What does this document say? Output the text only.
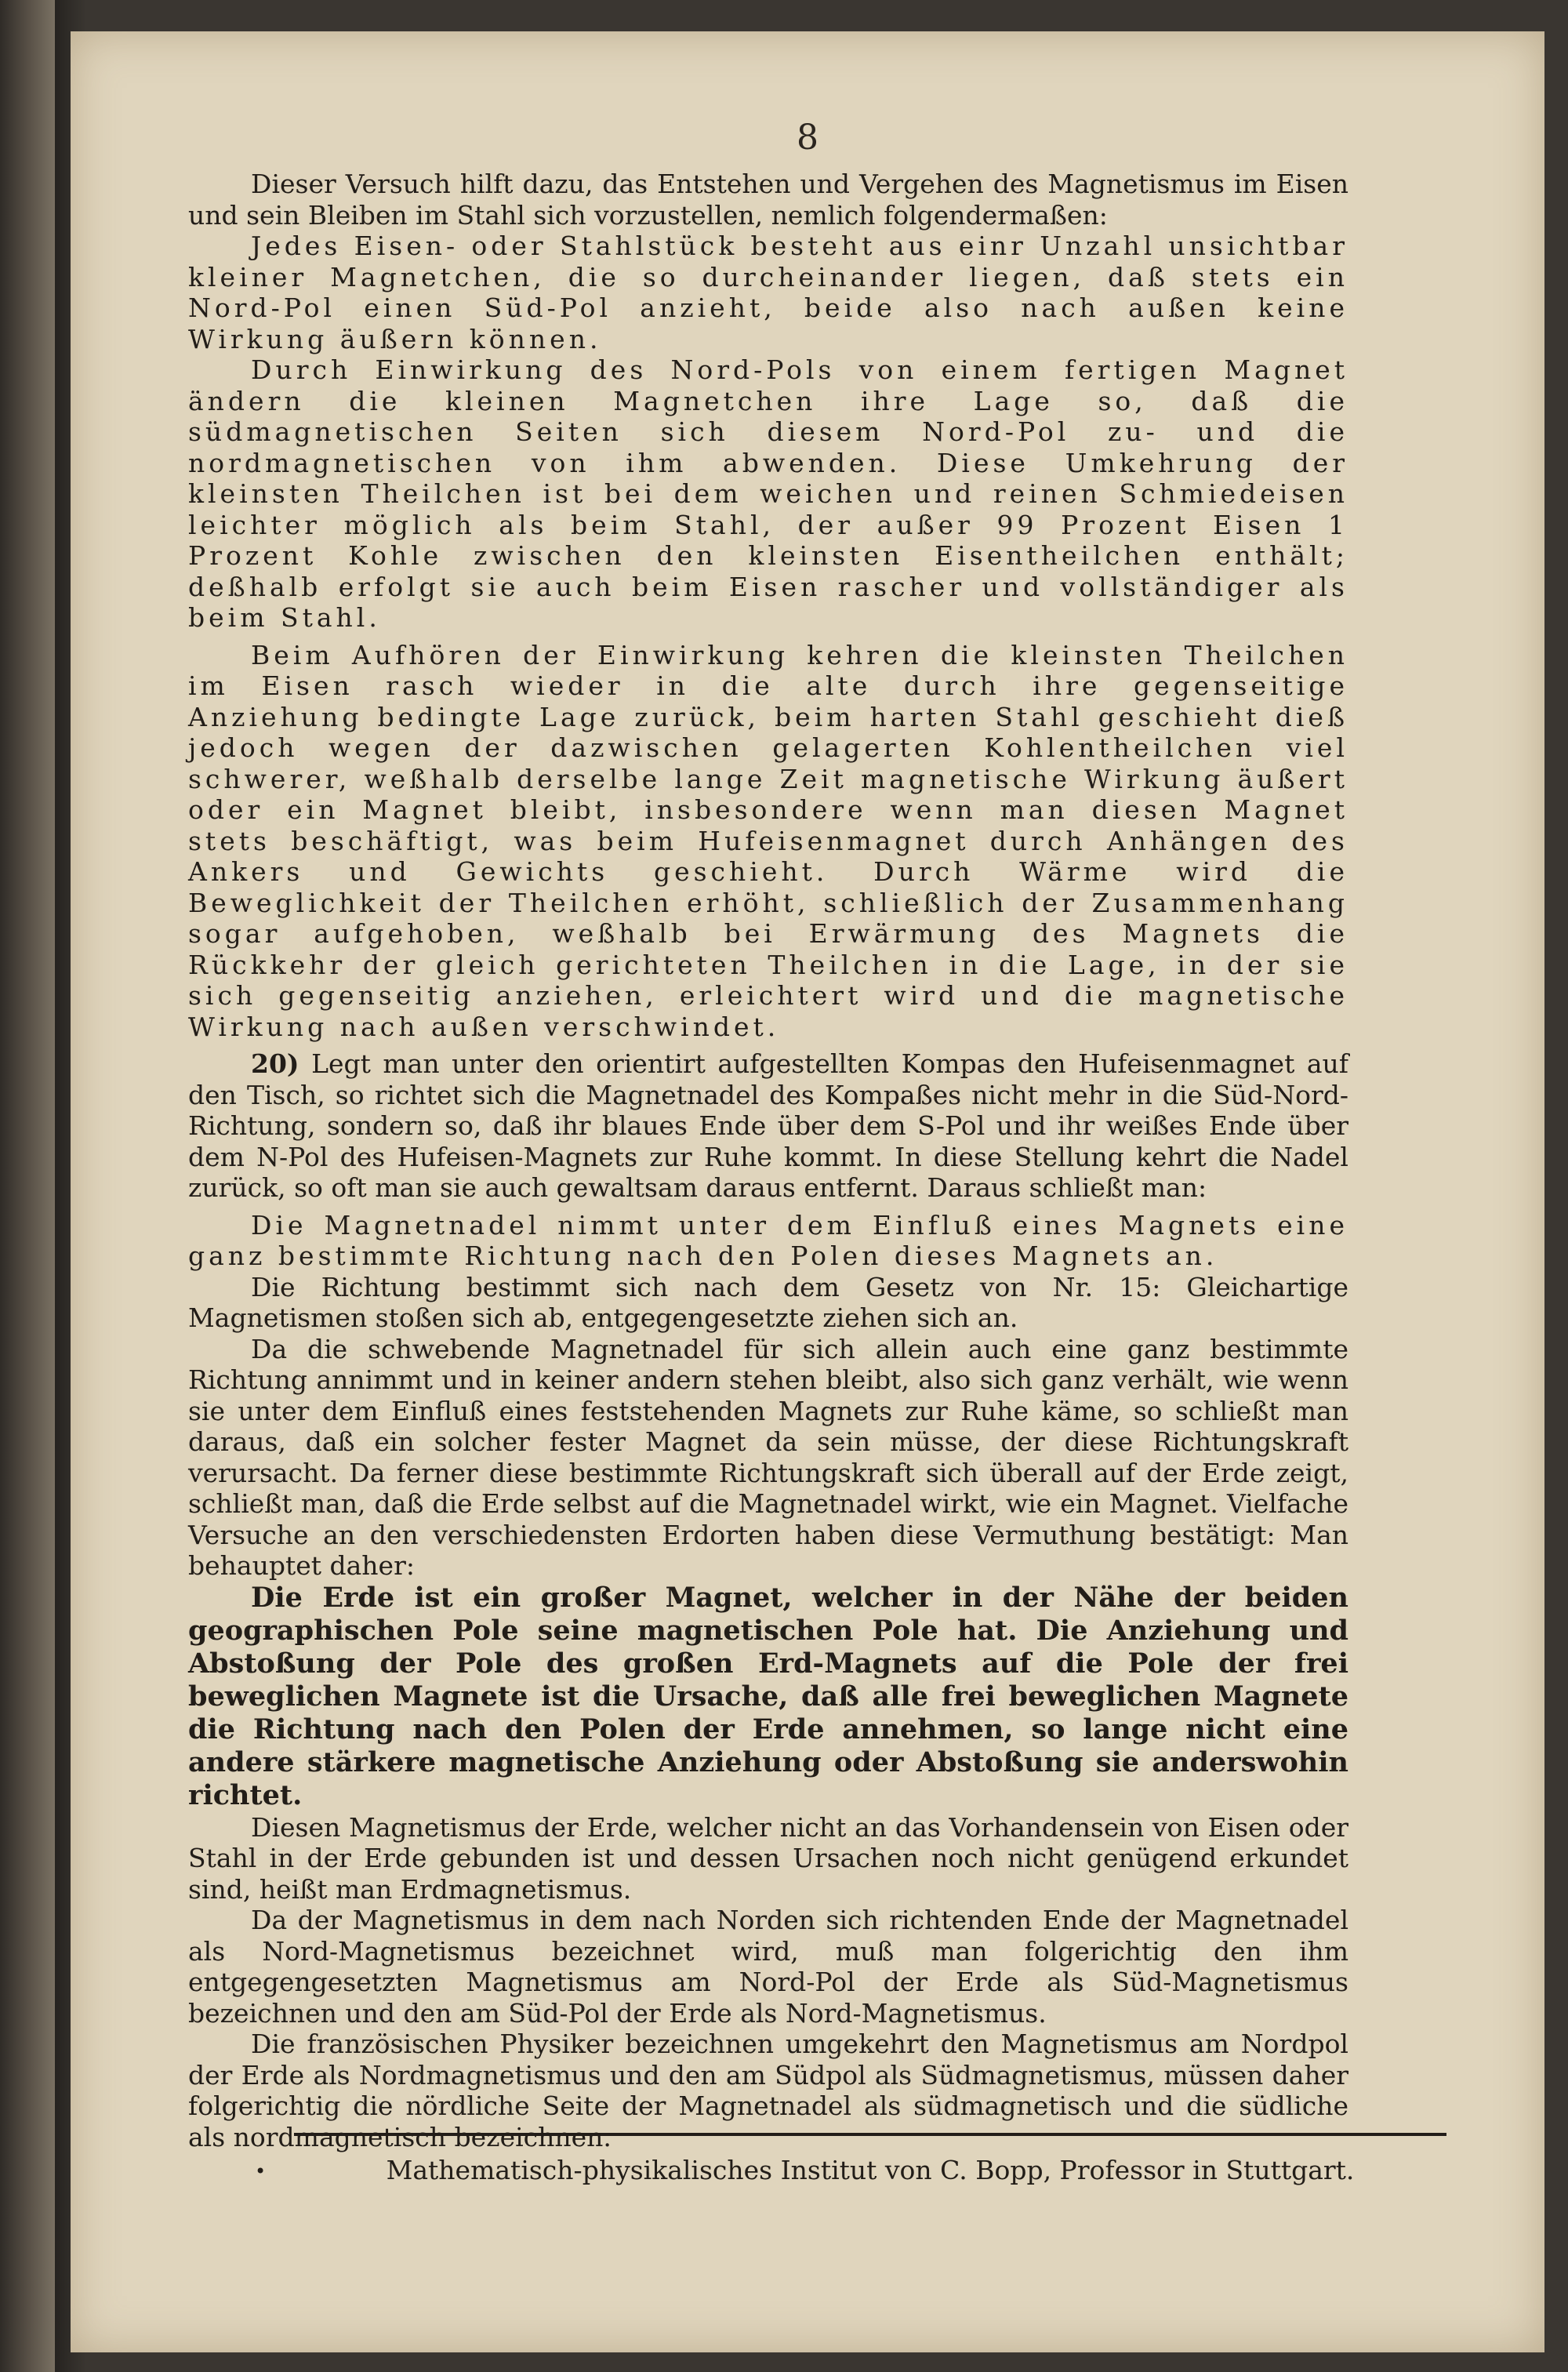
8

Dieser Versuch hilft dazu, das Entstehen und Vergehen des Magnetismus im Eisen und sein Bleiben im Stahl sich vorzustellen, nemlich folgendermaßen:

Jedes Eisen- oder Stahlstück besteht aus einr Unzahl unsichtbar kleiner Magnetchen, die so durcheinander liegen, daß stets ein Nord-Pol einen Süd-Pol anzieht, beide also nach außen keine Wirkung äußern können.

Durch Einwirkung des Nord-Pols von einem fertigen Magnet ändern die kleinen Magnetchen ihre Lage so, daß die südmagnetischen Seiten sich diesem Nord-Pol zu- und die nordmagnetischen von ihm abwenden. Diese Umkehrung der kleinsten Theilchen ist bei dem weichen und reinen Schmiedeisen leichter möglich als beim Stahl, der außer 99 Prozent Eisen 1 Prozent Kohle zwischen den kleinsten Eisentheilchen enthält; deßhalb erfolgt sie auch beim Eisen rascher und vollständiger als beim Stahl.

Beim Aufhören der Einwirkung kehren die kleinsten Theilchen im Eisen rasch wieder in die alte durch ihre gegenseitige Anziehung bedingte Lage zurück, beim harten Stahl geschieht dieß jedoch wegen der dazwischen gelagerten Kohlentheilchen viel schwerer, weßhalb derselbe lange Zeit magnetische Wirkung äußert oder ein Magnet bleibt, insbesondere wenn man diesen Magnet stets beschäftigt, was beim Hufeisenmagnet durch Anhängen des Ankers und Gewichts geschieht. Durch Wärme wird die Beweglichkeit der Theilchen erhöht, schließlich der Zusammenhang sogar aufgehoben, weßhalb bei Erwärmung des Magnets die Rückkehr der gleich gerichteten Theilchen in die Lage, in der sie sich gegenseitig anziehen, erleichtert wird und die magnetische Wirkung nach außen verschwindet.

20) Legt man unter den orientirt aufgestellten Kompas den Hufeisenmagnet auf den Tisch, so richtet sich die Magnetnadel des Kompaßes nicht mehr in die Süd-Nord-Richtung, sondern so, daß ihr blaues Ende über dem S-Pol und ihr weißes Ende über dem N-Pol des Hufeisen-Magnets zur Ruhe kommt. In diese Stellung kehrt die Nadel zurück, so oft man sie auch gewaltsam daraus entfernt. Daraus schließt man:

Die Magnetnadel nimmt unter dem Einfluß eines Magnets eine ganz bestimmte Richtung nach den Polen dieses Magnets an.

Die Richtung bestimmt sich nach dem Gesetz von Nr. 15: Gleichartige Magnetismen stoßen sich ab, entgegengesetzte ziehen sich an.

Da die schwebende Magnetnadel für sich allein auch eine ganz bestimmte Richtung annimmt und in keiner andern stehen bleibt, also sich ganz verhält, wie wenn sie unter dem Einfluß eines feststehenden Magnets zur Ruhe käme, so schließt man daraus, daß ein solcher fester Magnet da sein müsse, der diese Richtungskraft verursacht. Da ferner diese bestimmte Richtungskraft sich überall auf der Erde zeigt, schließt man, daß die Erde selbst auf die Magnetnadel wirkt, wie ein Magnet. Vielfache Versuche an den verschiedensten Erdorten haben diese Vermuthung bestätigt: Man behauptet daher:

Die Erde ist ein großer Magnet, welcher in der Nähe der beiden geographischen Pole seine magnetischen Pole hat. Die Anziehung und Abstoßung der Pole des großen Erd-Magnets auf die Pole der frei beweglichen Magnete ist die Ursache, daß alle frei beweglichen Magnete die Richtung nach den Polen der Erde annehmen, so lange nicht eine andere stärkere magnetische Anziehung oder Abstoßung sie anderswohin richtet.

Diesen Magnetismus der Erde, welcher nicht an das Vorhandensein von Eisen oder Stahl in der Erde gebunden ist und dessen Ursachen noch nicht genügend erkundet sind, heißt man Erdmagnetismus.

Da der Magnetismus in dem nach Norden sich richtenden Ende der Magnetnadel als Nord-Magnetismus bezeichnet wird, muß man folgerichtig den ihm entgegengesetzten Magnetismus am Nord-Pol der Erde als Süd-Magnetismus bezeichnen und den am Süd-Pol der Erde als Nord-Magnetismus.

Die französischen Physiker bezeichnen umgekehrt den Magnetismus am Nordpol der Erde als Nordmagnetismus und den am Südpol als Südmagnetismus, müssen daher folgerichtig die nördliche Seite der Magnetnadel als südmagnetisch und die südliche als nordmagnetisch bezeichnen.

•	Mathematisch-physikalisches Institut von C. Bopp, Professor in Stuttgart.
